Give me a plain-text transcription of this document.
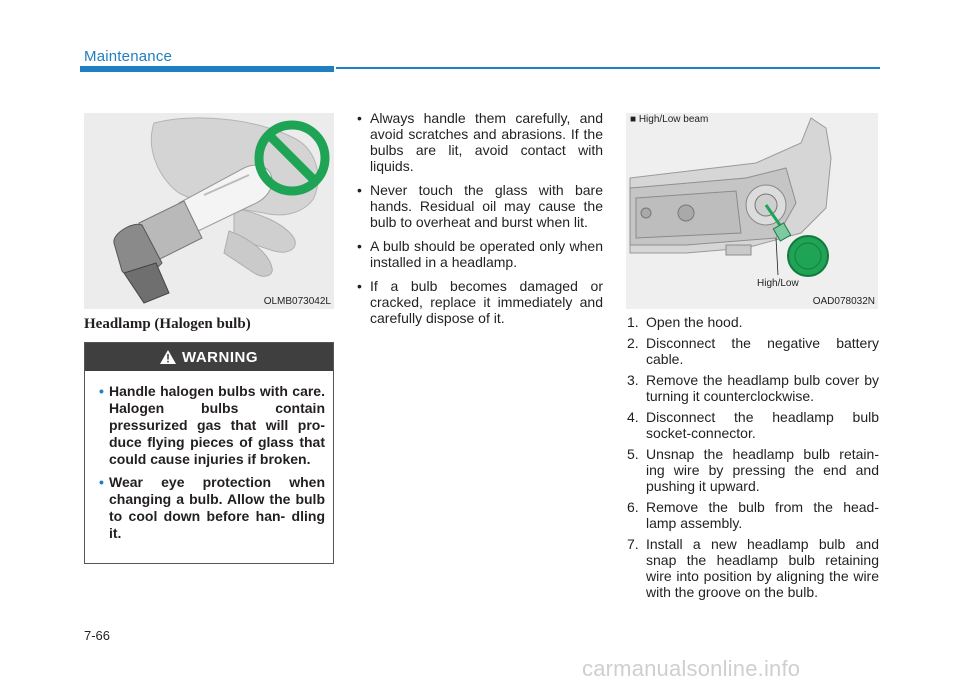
Maintenance
OLMB073042L
Headlamp (Halogen bulb)
WARNING
• Handle halogen bulbs with care. Halogen bulbs contain pressurized gas that will pro- duce flying pieces of glass that could cause injuries if broken.
• Wear eye protection when changing a bulb. Allow the bulb to cool down before han- dling it.
• Always handle them carefully, and avoid scratches and abrasions. If the bulbs are lit, avoid contact with liquids.
• Never touch the glass with bare hands. Residual oil may cause the bulb to overheat and burst when lit.
• A bulb should be operated only when installed in a headlamp.
• If a bulb becomes damaged or cracked, replace it immediately and carefully dispose of it.
■ High/Low beam
High/Low
OAD078032N
1. Open the hood.
2. Disconnect the negative battery cable.
3. Remove the headlamp bulb cover by turning it counterclockwise.
4. Disconnect the headlamp bulb socket-connector.
5. Unsnap the headlamp bulb retain- ing wire by pressing the end and pushing it upward.
6. Remove the bulb from the head- lamp assembly.
7. Install a new headlamp bulb and snap the headlamp bulb retaining wire into position by aligning the wire with the groove on the bulb.
7-66
carmanualsonline.info
